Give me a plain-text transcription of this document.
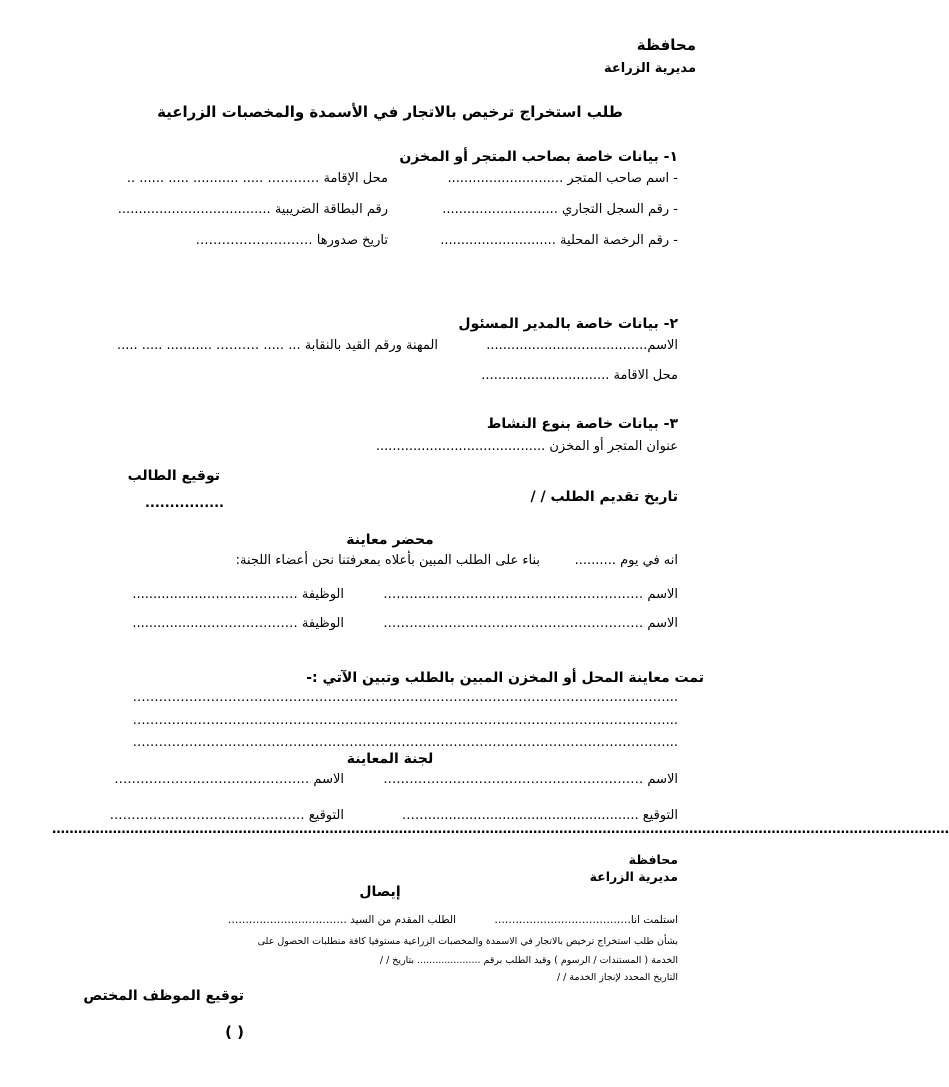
محافظة
مديرية الزراعة
طلب استخراج ترخيص بالاتجار في الأسمدة والمخصبات الزراعية
١- بيانات خاصة بصاحب المتجر أو المخزن
- اسم صاحب المتجر ............................
محل الإقامة ………… ..... ........... ..... ...... ..
- رقم السجل التجاري ............................
رقم البطاقة الضريبية .....................................
- رقم الرخصة المحلية ............................
تاريخ صدورها ………………………
٢- بيانات خاصة بالمدير المسئول
الاسم.......................................
المهنة ورقم القيد بالنقابة ... ..... ………. ........... ..... .....
محل الاقامة ...............................
٣- بيانات خاصة بنوع النشاط
عنوان المتجر أو المخزن .........................................
توقيع الطالب
................	تاريخ تقديم الطلب / /
محضر معاينة
انه في يوم ..........
بناء على الطلب المبين بأعلاه بمعرفتنا نحن أعضاء اللجنة:
الاسم ……………………………………………………
الوظيفة …………………..................
الاسم ……………………………………………………
الوظيفة …………………..................
تمت معاينة المحل أو المخزن المبين بالطلب وتبين الآتي :-
...……………………………………………………………………………………………………………
...……………………………………………………………………………………………………………
...……………………………………………………………………………………………………………
لجنة المعاينة
الاسم ……………………………………………………
الاسم ………………………………………
التوقيع ...................................................……
التوقيع ………………………………………
………………………………………………………………………………………………………………………………………………………………………………………
محافظة
مديرية الزراعة
إيصال
استلمت انا…………………………………
الطلب المقدم من السيد …………………………….
بشأن طلب استخراج ترخيص بالاتجار في الاسمدة والمخصبات الزراعية مستوفيا كافة متطلبات الحصول على
الخدمة ( المستندات / الرسوم ) وقيد الطلب برقم ..................... بتاريخ / /
التاريخ المحدد لإنجاز الخدمة / /
توقيع الموظف المختص
( )
